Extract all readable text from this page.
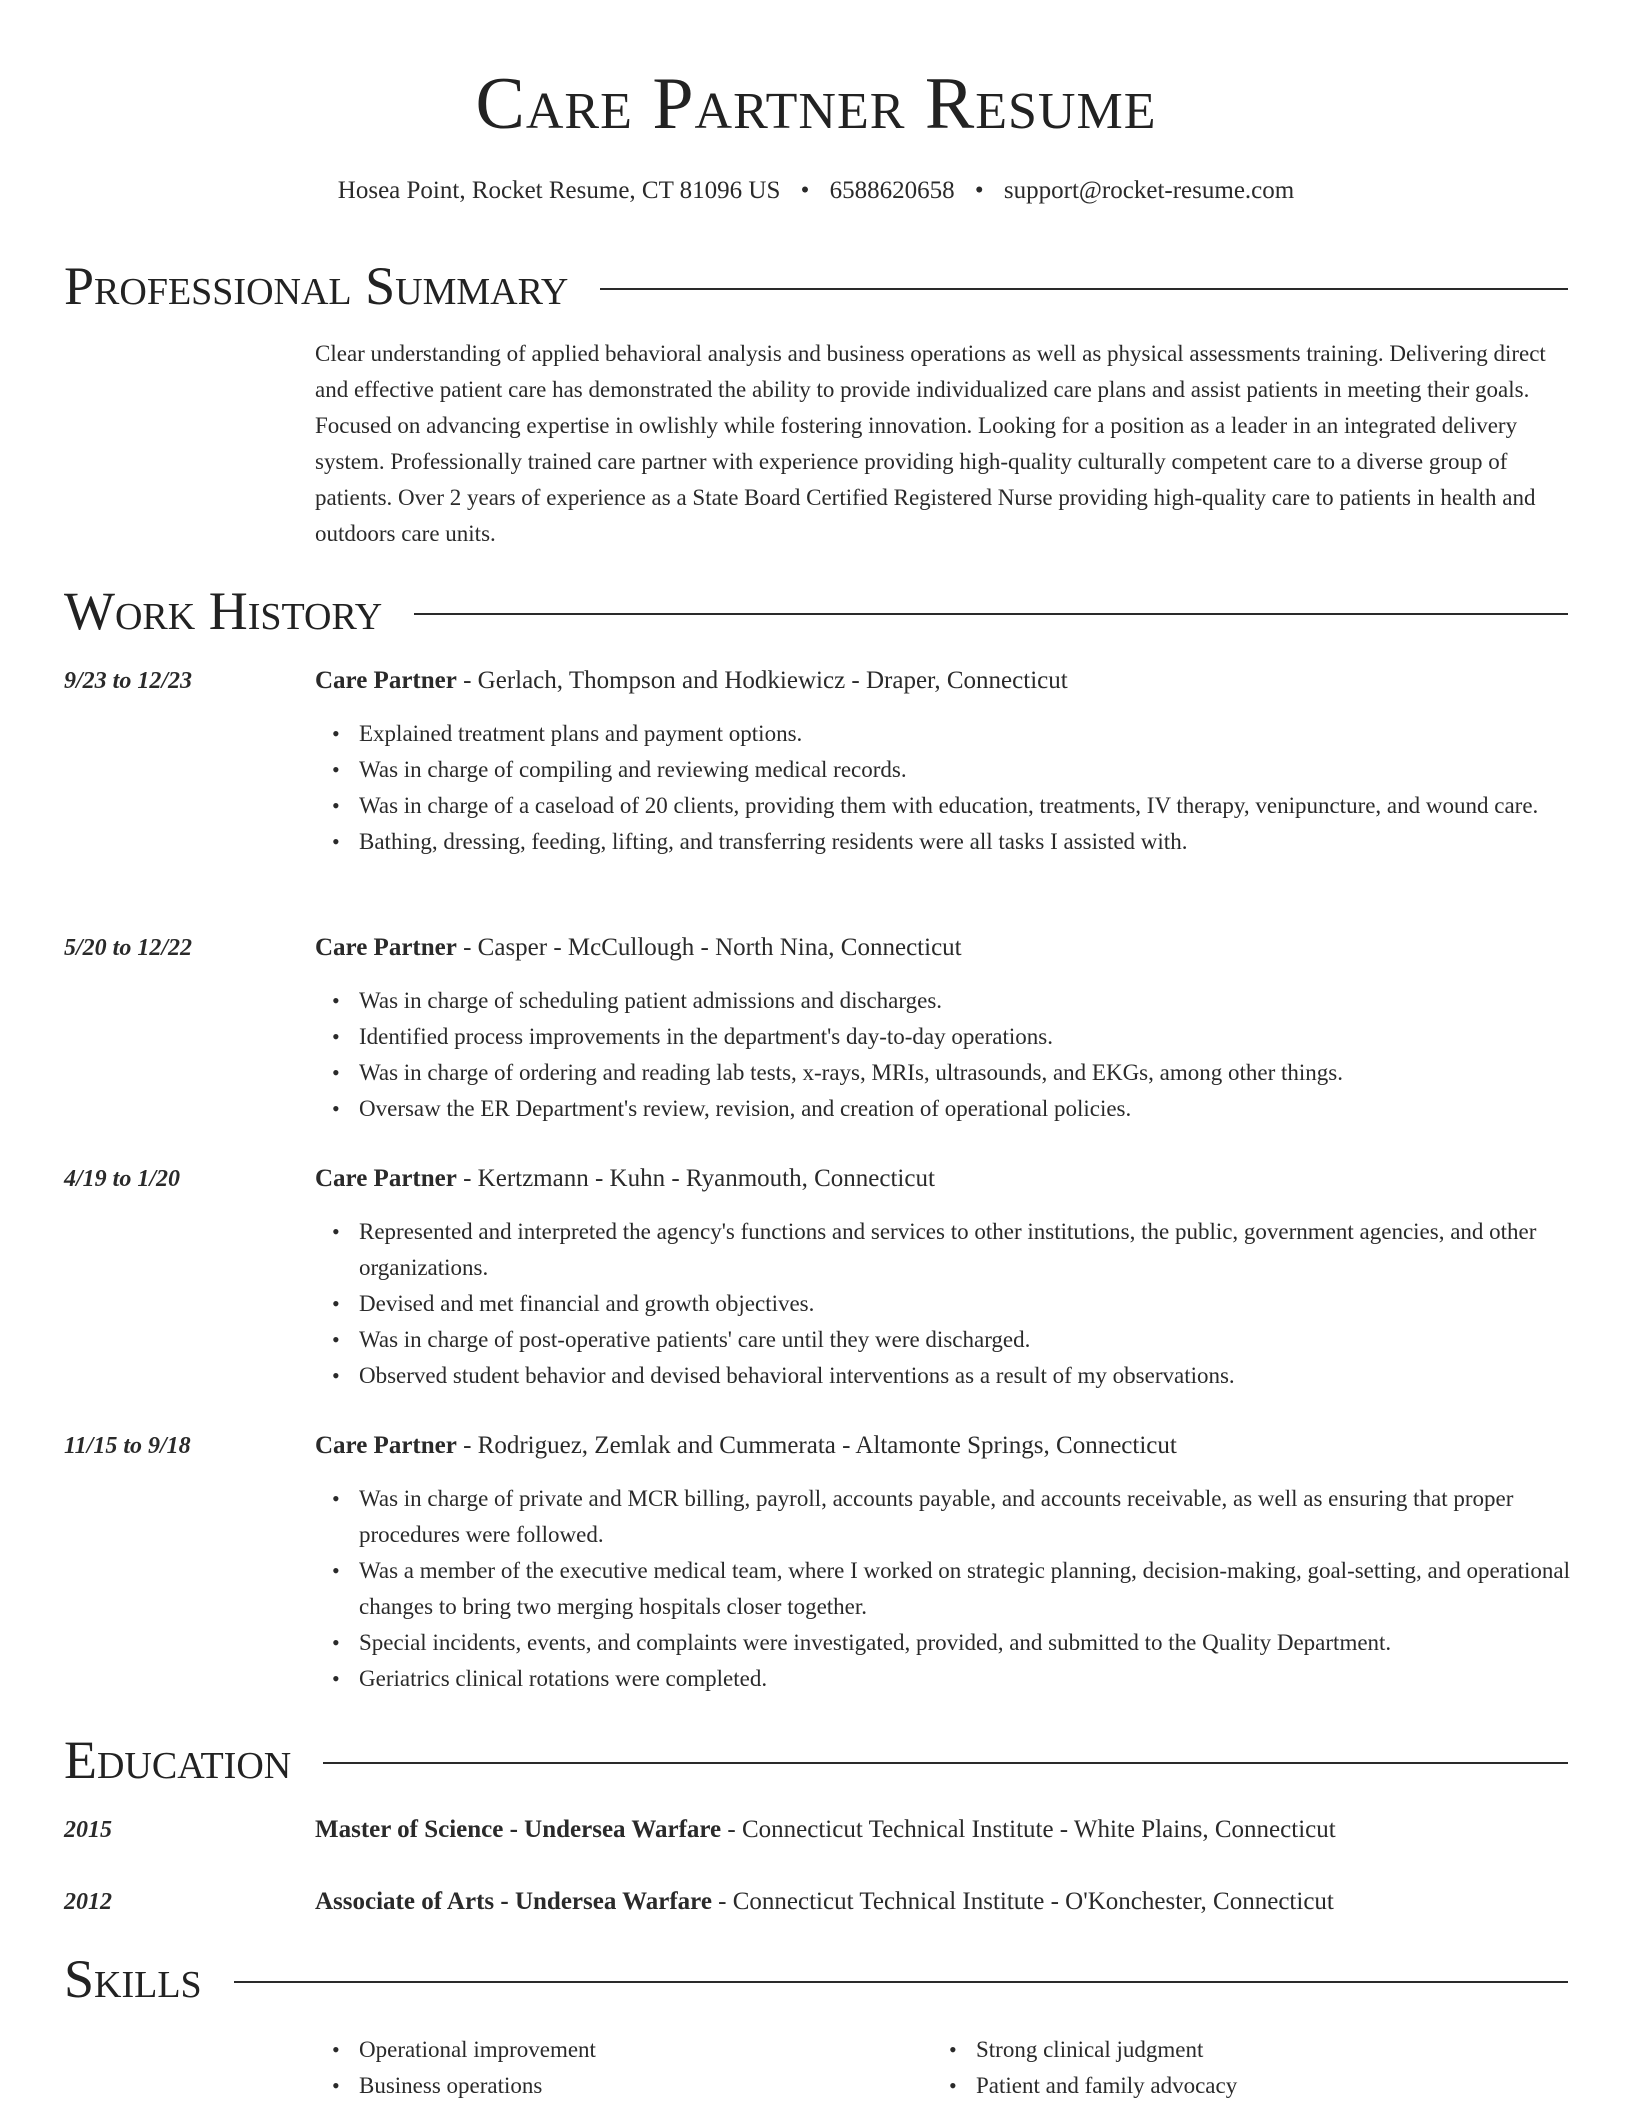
Care Partner Resume
Hosea Point, Rocket Resume, CT 81096 US • 6588620658 • support@rocket-resume.com
Professional Summary

Clear understanding of applied behavioral analysis and business operations as well as physical assessments training. Delivering direct and effective patient care has demonstrated the ability to provide individualized care plans and assist patients in meeting their goals. Focused on advancing expertise in owlishly while fostering innovation. Looking for a position as a leader in an integrated delivery system. Professionally trained care partner with experience providing high-quality culturally competent care to a diverse group of patients. Over 2 years of experience as a State Board Certified Registered Nurse providing high-quality care to patients in health and outdoors care units.

Work History
9/23 to 12/23	Care Partner - Gerlach, Thompson and Hodkiewicz - Draper, Connecticut
• Explained treatment plans and payment options.
• Was in charge of compiling and reviewing medical records.
• Was in charge of a caseload of 20 clients, providing them with education, treatments, IV therapy, venipuncture, and wound care.
• Bathing, dressing, feeding, lifting, and transferring residents were all tasks I assisted with.
5/20 to 12/22	Care Partner - Casper - McCullough - North Nina, Connecticut
• Was in charge of scheduling patient admissions and discharges.
• Identified process improvements in the department's day-to-day operations.
• Was in charge of ordering and reading lab tests, x-rays, MRIs, ultrasounds, and EKGs, among other things.
• Oversaw the ER Department's review, revision, and creation of operational policies.
4/19 to 1/20	Care Partner - Kertzmann - Kuhn - Ryanmouth, Connecticut
• Represented and interpreted the agency's functions and services to other institutions, the public, government agencies, and other organizations.
• Devised and met financial and growth objectives.
• Was in charge of post-operative patients' care until they were discharged.
• Observed student behavior and devised behavioral interventions as a result of my observations.
11/15 to 9/18	Care Partner - Rodriguez, Zemlak and Cummerata - Altamonte Springs, Connecticut
• Was in charge of private and MCR billing, payroll, accounts payable, and accounts receivable, as well as ensuring that proper procedures were followed.
• Was a member of the executive medical team, where I worked on strategic planning, decision-making, goal-setting, and operational changes to bring two merging hospitals closer together.
• Special incidents, events, and complaints were investigated, provided, and submitted to the Quality Department.
• Geriatrics clinical rotations were completed.
Education
2015	Master of Science - Undersea Warfare - Connecticut Technical Institute - White Plains, Connecticut
2012	Associate of Arts - Undersea Warfare - Connecticut Technical Institute - O'Konchester, Connecticut
Skills
• Operational improvement
• Business operations
• Strong clinical judgment
• Patient and family advocacy
